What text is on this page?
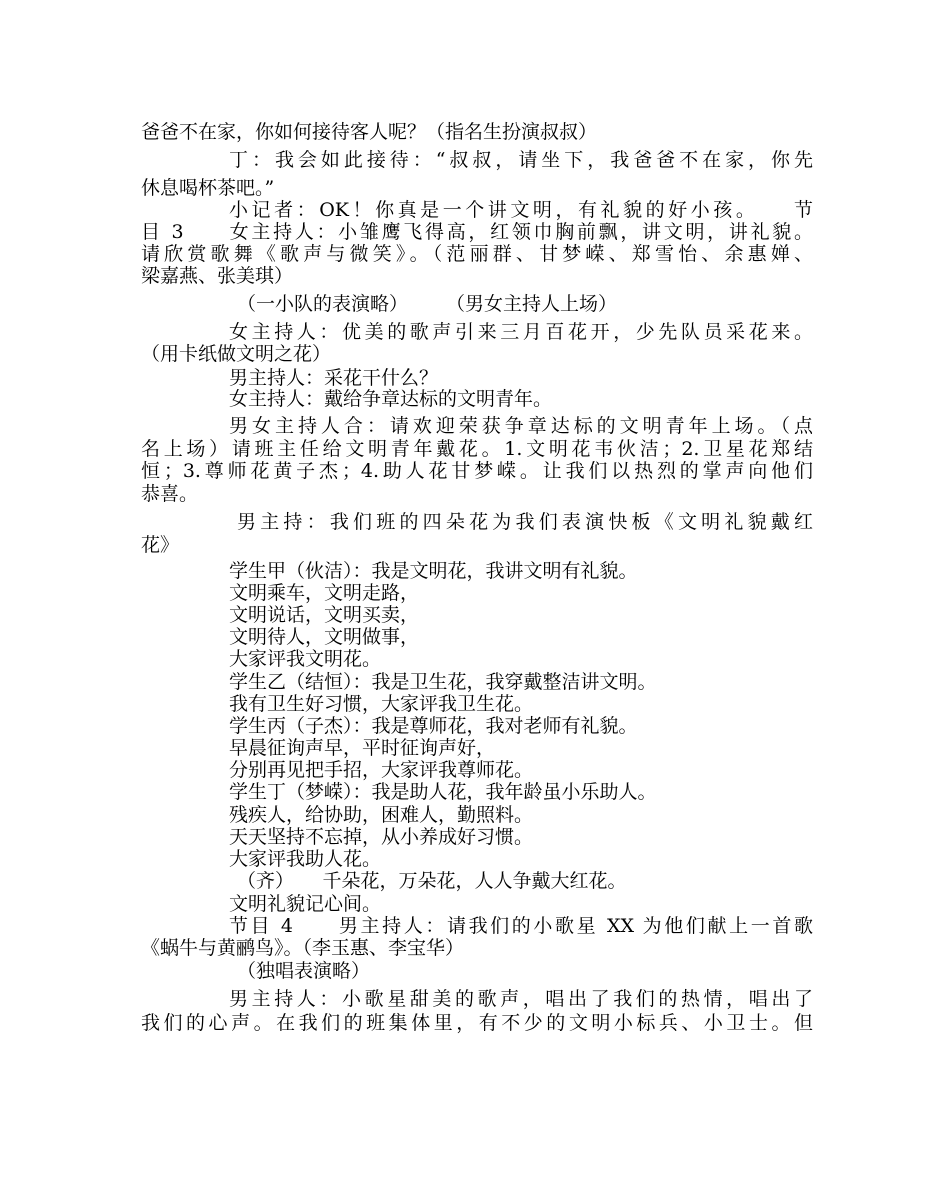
爸爸不在家，你如何接待客人呢？（指名生扮演叔叔）
丁：我会如此接待：“叔叔，请坐下，我爸爸不在家，你先
休息喝杯茶吧。”
小记者：OK！你真是一个讲文明，有礼貌的好小孩。　　节
目 3　　女主持人：小雏鹰飞得高，红领巾胸前飘，讲文明，讲礼貌。
请欣赏歌舞《歌声与微笑》。（范丽群、甘梦嵘、郑雪怡、余惠婵、
梁嘉燕、张美琪）
（一小队的表演略）　　　（男女主持人上场）
女主持人：优美的歌声引来三月百花开，少先队员采花来。
（用卡纸做文明之花）
男主持人：采花干什么？
女主持人：戴给争章达标的文明青年。
男女主持人合：请欢迎荣获争章达标的文明青年上场。（点
名上场）请班主任给文明青年戴花。1.文明花韦伙洁；2.卫星花郑结
恒；3.尊师花黄子杰；4.助人花甘梦嵘。让我们以热烈的掌声向他们
恭喜。
男主持：我们班的四朵花为我们表演快板《文明礼貌戴红
花》
学生甲（伙洁）：我是文明花，我讲文明有礼貌。
文明乘车，文明走路，
文明说话，文明买卖，
文明待人，文明做事，
大家评我文明花。
学生乙（结恒）：我是卫生花，我穿戴整洁讲文明。
我有卫生好习惯，大家评我卫生花。
学生丙（子杰）：我是尊师花，我对老师有礼貌。
早晨征询声早，平时征询声好，
分别再见把手招，大家评我尊师花。
学生丁（梦嵘）：我是助人花，我年龄虽小乐助人。
残疾人，给协助，困难人，勤照料。
天天坚持不忘掉，从小养成好习惯。
大家评我助人花。
（齐）　　千朵花，万朵花，人人争戴大红花。
文明礼貌记心间。
节目 4　　男主持人：请我们的小歌星 XX 为他们献上一首歌
《蜗牛与黄鹂鸟》。（李玉惠、李宝华）
（独唱表演略）
男主持人：小歌星甜美的歌声，唱出了我们的热情，唱出了
我们的心声。在我们的班集体里，有不少的文明小标兵、小卫士。但
